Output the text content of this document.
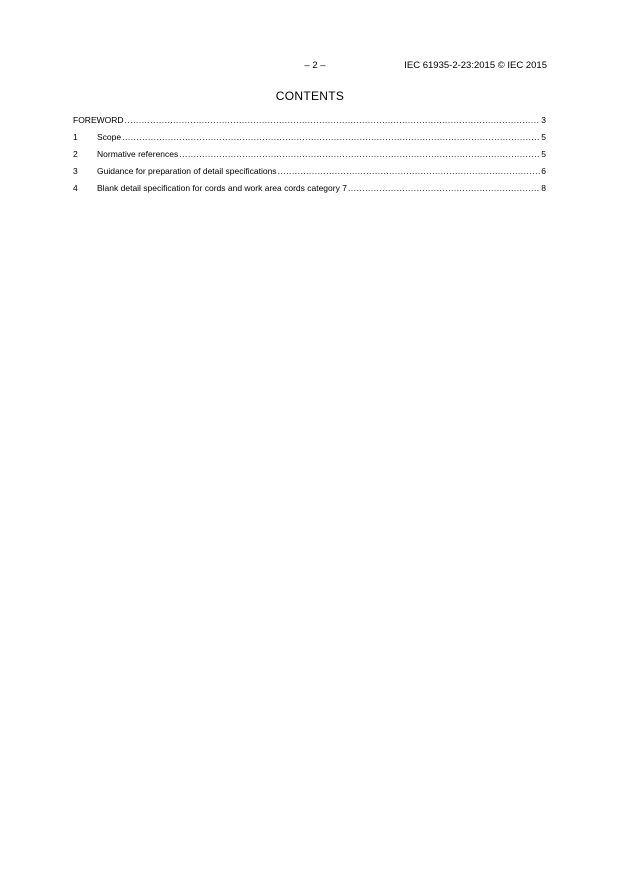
– 2 –	IEC 61935-2-23:2015 © IEC 2015
CONTENTS
FOREWORD .....	3
1	Scope .....	5
2	Normative references .....	5
3	Guidance for preparation of detail specifications .....	6
4	Blank detail specification for cords and work area cords category 7 .....	8
